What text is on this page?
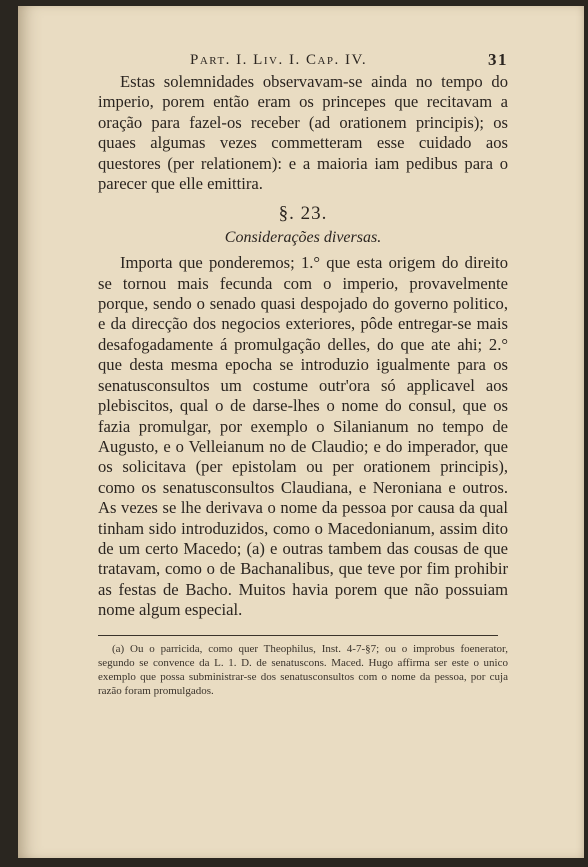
Part. I. Liv. I. Cap. IV.	31

Estas solemnidades observavam-se ainda no tempo do imperio, porem então eram os princepes que recitavam a oração para fazel-os receber (ad orationem principis); os quaes algumas vezes commetteram esse cuidado aos questores (per relationem): e a maioria iam pedibus para o parecer que elle emittira.

§. 23.
Considerações diversas.

Importa que ponderemos; 1.° que esta origem do direito se tornou mais fecunda com o imperio, provavelmente porque, sendo o senado quasi despojado do governo politico, e da direcção dos negocios exteriores, pôde entregar-se mais desafogadamente á promulgação delles, do que ate ahi; 2.° que desta mesma epocha se introduzio igualmente para os senatusconsultos um costume outr'ora só applicavel aos plebiscitos, qual o de darse-lhes o nome do consul, que os fazia promulgar, por exemplo o Silanianum no tempo de Augusto, e o Velleianum no de Claudio; e do imperador, que os solicitava (per epistolam ou per orationem principis), como os senatusconsultos Claudiana, e Neroniana e outros. As vezes se lhe derivava o nome da pessoa por causa da qual tinham sido introduzidos, como o Macedonianum, assim dito de um certo Macedo; (a) e outras tambem das cousas de que tratavam, como o de Bachanalibus, que teve por fim prohibir as festas de Bacho. Muitos havia porem que não possuiam nome algum especial.

(a) Ou o parricida, como quer Theophilus, Inst. 4-7-§7; ou o improbus foenerator, segundo se convence da L. 1. D. de senatuscons. Maced. Hugo affirma ser este o unico exemplo que possa subministrar-se dos senatusconsultos com o nome da pessoa, por cuja razão foram promulgados.
